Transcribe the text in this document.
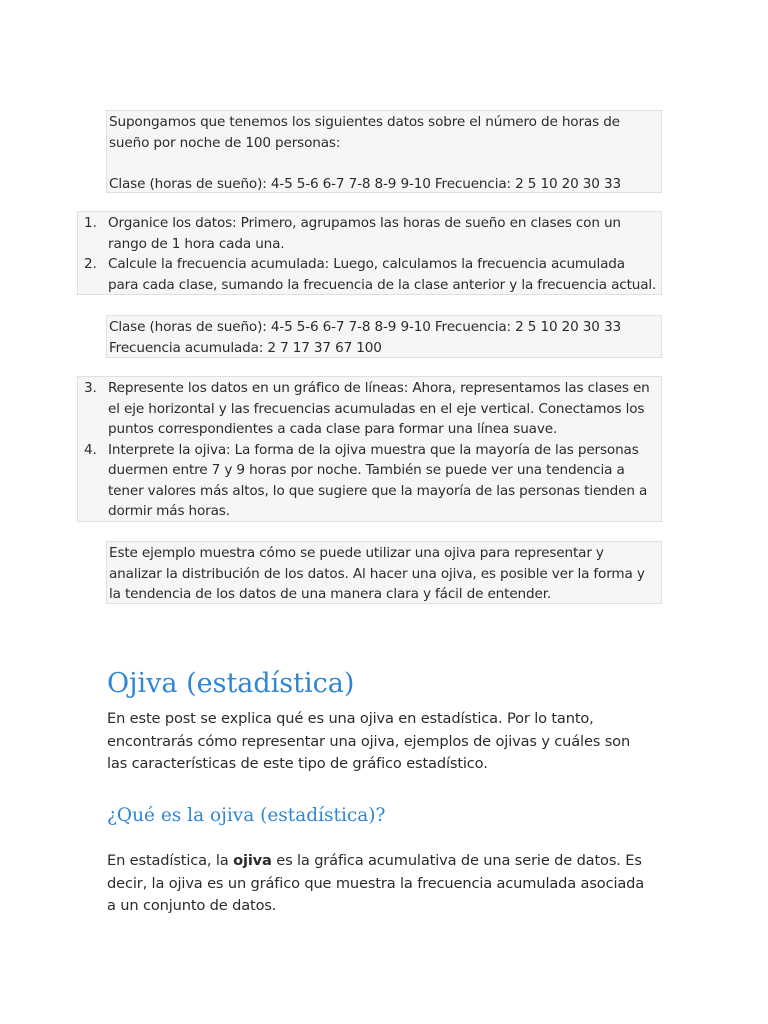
Supongamos que tenemos los siguientes datos sobre el número de horas de sueño por noche de 100 personas:

Clase (horas de sueño): 4-5 5-6 6-7 7-8 8-9 9-10 Frecuencia: 2 5 10 20 30 33

1. Organice los datos: Primero, agrupamos las horas de sueño en clases con un rango de 1 hora cada una.
2. Calcule la frecuencia acumulada: Luego, calculamos la frecuencia acumulada para cada clase, sumando la frecuencia de la clase anterior y la frecuencia actual.

Clase (horas de sueño): 4-5 5-6 6-7 7-8 8-9 9-10 Frecuencia: 2 5 10 20 30 33

Frecuencia acumulada: 2 7 17 37 67 100

3. Represente los datos en un gráfico de líneas: Ahora, representamos las clases en el eje horizontal y las frecuencias acumuladas en el eje vertical. Conectamos los puntos correspondientes a cada clase para formar una línea suave.
4. Interprete la ojiva: La forma de la ojiva muestra que la mayoría de las personas duermen entre 7 y 9 horas por noche. También se puede ver una tendencia a tener valores más altos, lo que sugiere que la mayoría de las personas tienden a dormir más horas.

Este ejemplo muestra cómo se puede utilizar una ojiva para representar y analizar la distribución de los datos. Al hacer una ojiva, es posible ver la forma y la tendencia de los datos de una manera clara y fácil de entender.

Ojiva (estadística)

En este post se explica qué es una ojiva en estadística. Por lo tanto, encontrarás cómo representar una ojiva, ejemplos de ojivas y cuáles son las características de este tipo de gráfico estadístico.

¿Qué es la ojiva (estadística)?

En estadística, la ojiva es la gráfica acumulativa de una serie de datos. Es decir, la ojiva es un gráfico que muestra la frecuencia acumulada asociada a un conjunto de datos.
